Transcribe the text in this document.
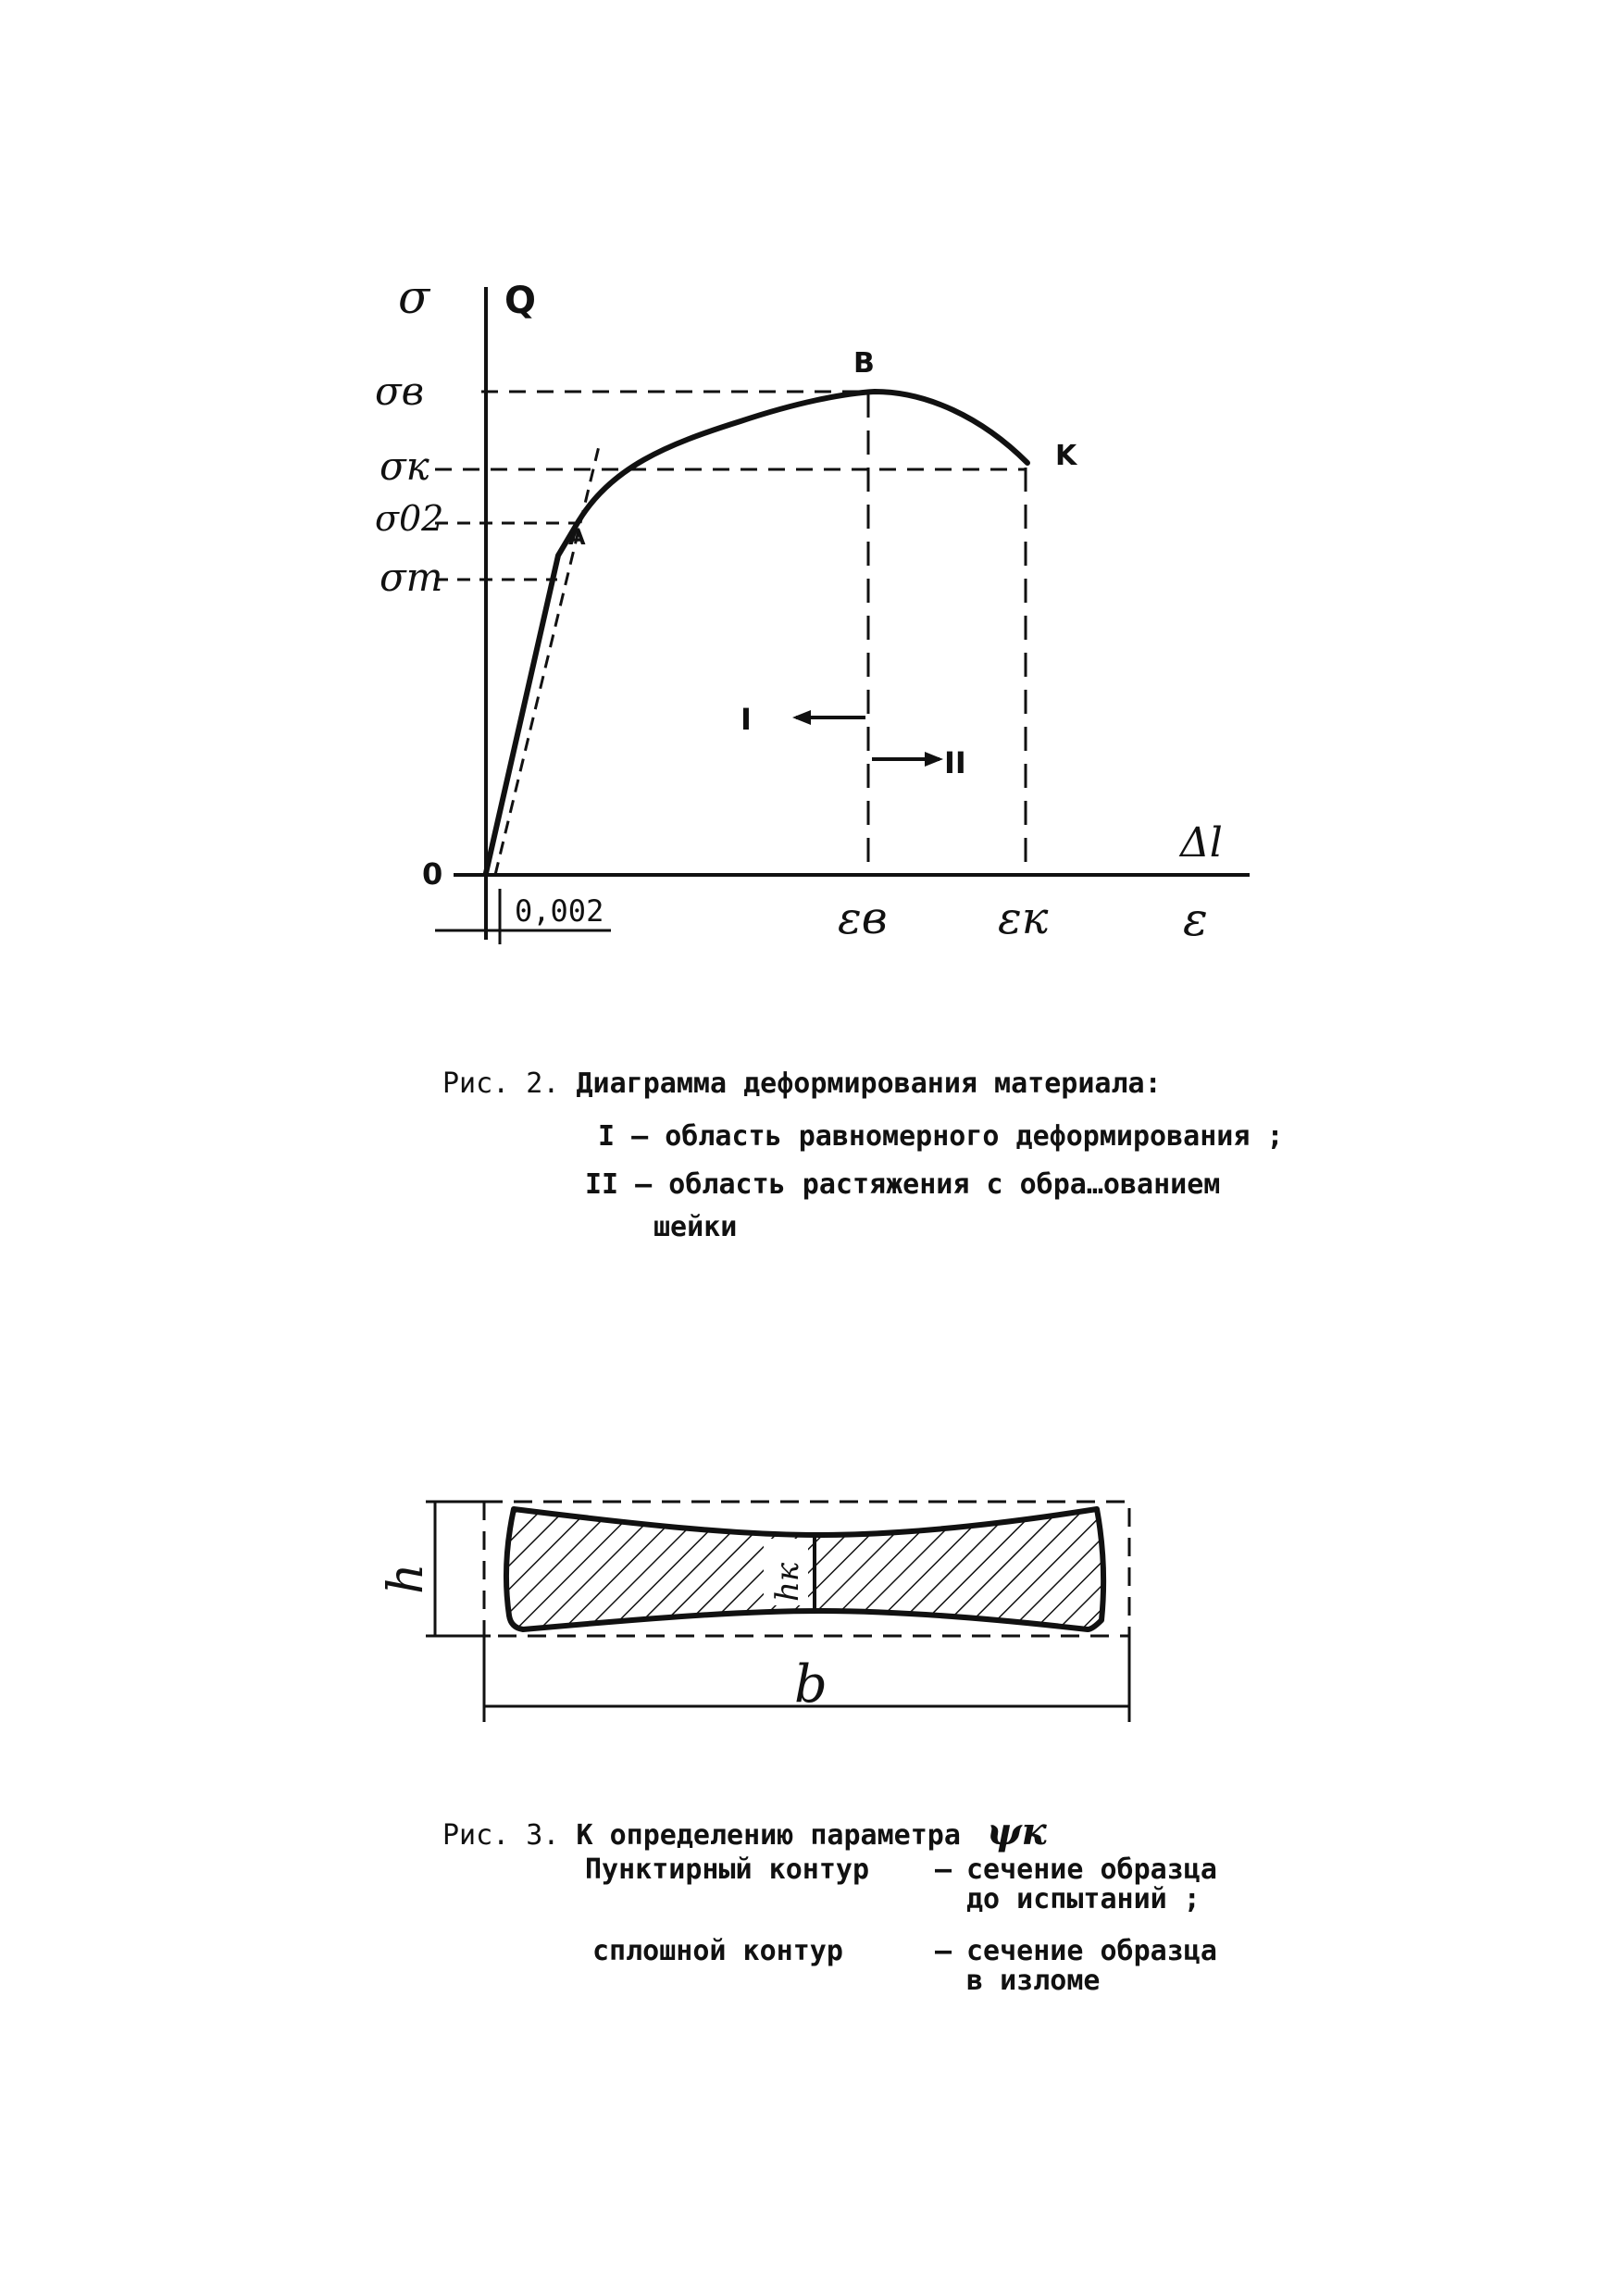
σ Q
σв
σк
σ02
σт
B
K
A
0
0,002	εв εк	ε
Δl
I
II
hк
h
b
Рис. 2. Диаграмма деформирования материала:
I – область равномерного деформирования ;
II – область растяжения с обра…ованием
шейки
Рис. 3. К определению параметра ψк
Пунктирный контур – сечение образца
до испытаний ;
сплошной контур	– сечение образца
в изломе
